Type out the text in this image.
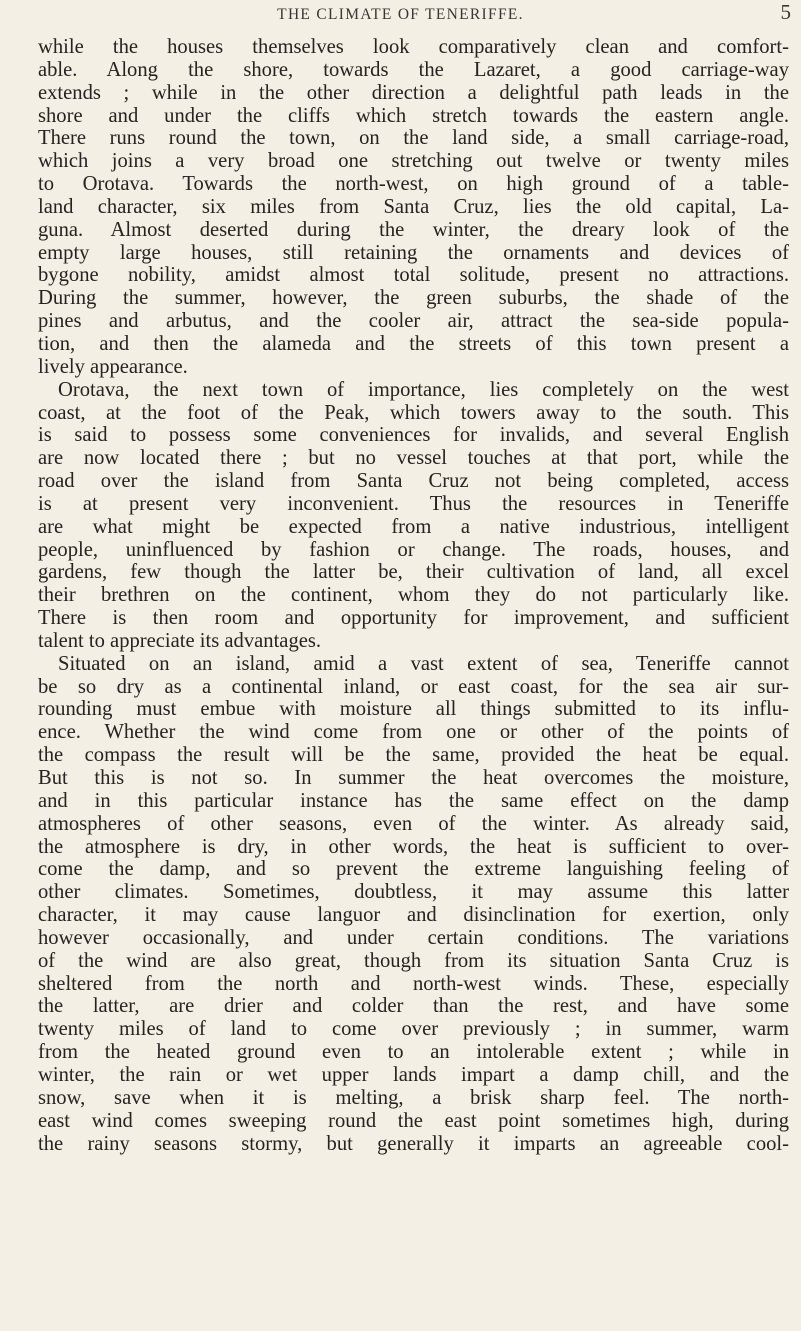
THE CLIMATE OF TENERIFFE.	5
while the houses themselves look comparatively clean and comfort-
able. Along the shore, towards the Lazaret, a good carriage-way
extends ; while in the other direction a delightful path leads in the
shore and under the cliffs which stretch towards the eastern angle.
There runs round the town, on the land side, a small carriage-road,
which joins a very broad one stretching out twelve or twenty miles
to Orotava. Towards the north-west, on high ground of a table-
land character, six miles from Santa Cruz, lies the old capital, La-
guna. Almost deserted during the winter, the dreary look of the
empty large houses, still retaining the ornaments and devices of
bygone nobility, amidst almost total solitude, present no attractions.
During the summer, however, the green suburbs, the shade of the
pines and arbutus, and the cooler air, attract the sea-side popula-
tion, and then the alameda and the streets of this town present a
lively appearance.
Orotava, the next town of importance, lies completely on the west
coast, at the foot of the Peak, which towers away to the south. This
is said to possess some conveniences for invalids, and several English
are now located there ; but no vessel touches at that port, while the
road over the island from Santa Cruz not being completed, access
is at present very inconvenient. Thus the resources in Teneriffe
are what might be expected from a native industrious, intelligent
people, uninfluenced by fashion or change. The roads, houses, and
gardens, few though the latter be, their cultivation of land, all excel
their brethren on the continent, whom they do not particularly like.
There is then room and opportunity for improvement, and sufficient
talent to appreciate its advantages.
Situated on an island, amid a vast extent of sea, Teneriffe cannot
be so dry as a continental inland, or east coast, for the sea air sur-
rounding must embue with moisture all things submitted to its influ-
ence. Whether the wind come from one or other of the points of
the compass the result will be the same, provided the heat be equal.
But this is not so. In summer the heat overcomes the moisture,
and in this particular instance has the same effect on the damp
atmospheres of other seasons, even of the winter. As already said,
the atmosphere is dry, in other words, the heat is sufficient to over-
come the damp, and so prevent the extreme languishing feeling of
other climates. Sometimes, doubtless, it may assume this latter
character, it may cause languor and disinclination for exertion, only
however occasionally, and under certain conditions. The variations
of the wind are also great, though from its situation Santa Cruz is
sheltered from the north and north-west winds. These, especially
the latter, are drier and colder than the rest, and have some
twenty miles of land to come over previously ; in summer, warm
from the heated ground even to an intolerable extent ; while in
winter, the rain or wet upper lands impart a damp chill, and the
snow, save when it is melting, a brisk sharp feel. The north-
east wind comes sweeping round the east point sometimes high, during
the rainy seasons stormy, but generally it imparts an agreeable cool-
